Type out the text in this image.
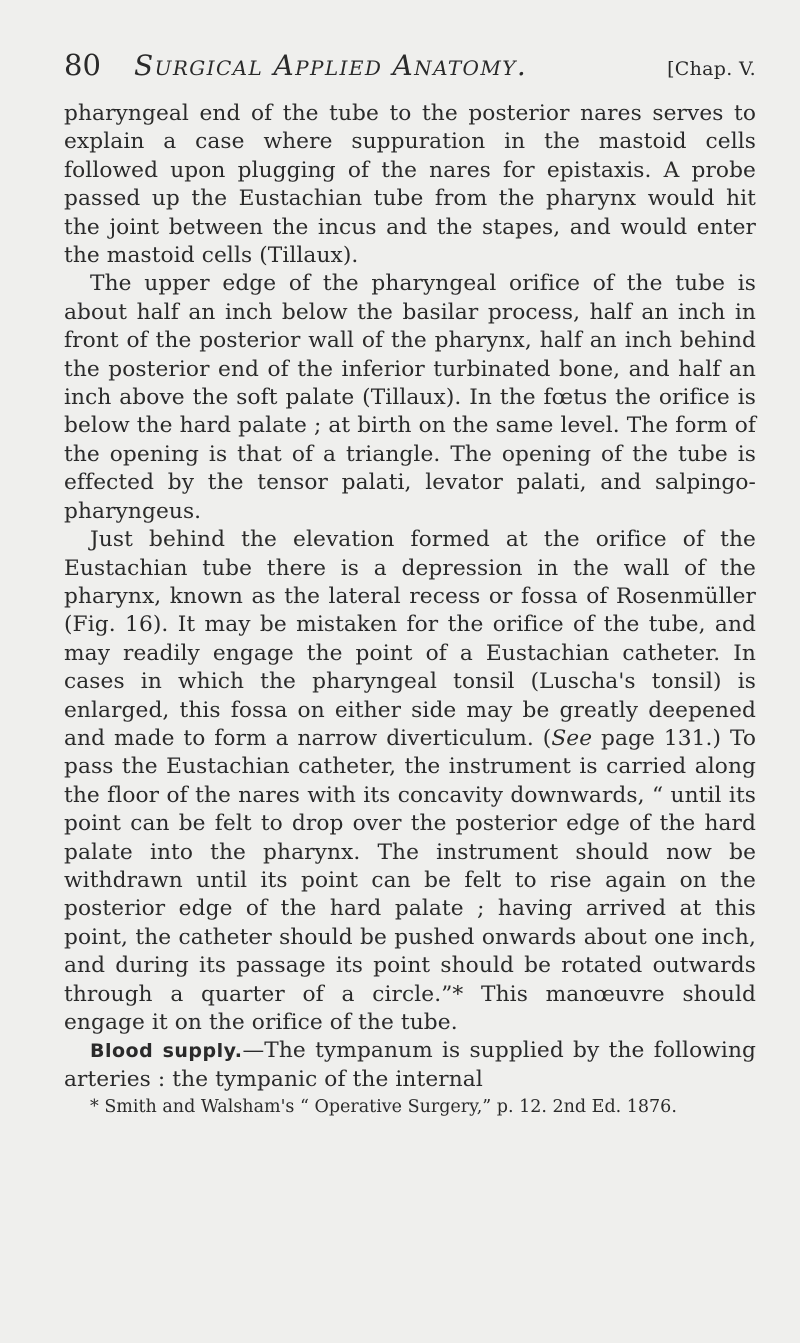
80	Surgical Applied Anatomy.	[Chap. V.

pharyngeal end of the tube to the posterior nares serves to explain a case where suppuration in the mastoid cells followed upon plugging of the nares for epistaxis. A probe passed up the Eustachian tube from the pharynx would hit the joint between the incus and the stapes, and would enter the mastoid cells (Tillaux).

The upper edge of the pharyngeal orifice of the tube is about half an inch below the basilar process, half an inch in front of the posterior wall of the pharynx, half an inch behind the posterior end of the inferior turbinated bone, and half an inch above the soft palate (Tillaux). In the fœtus the orifice is below the hard palate ; at birth on the same level. The form of the opening is that of a triangle. The opening of the tube is effected by the tensor palati, levator palati, and salpingo-pharyngeus.

Just behind the elevation formed at the orifice of the Eustachian tube there is a depression in the wall of the pharynx, known as the lateral recess or fossa of Rosenmüller (Fig. 16). It may be mistaken for the orifice of the tube, and may readily engage the point of a Eustachian catheter. In cases in which the pharyngeal tonsil (Luscha's tonsil) is enlarged, this fossa on either side may be greatly deepened and made to form a narrow diverticulum. (See page 131.) To pass the Eustachian catheter, the instrument is carried along the floor of the nares with its concavity downwards, “ until its point can be felt to drop over the posterior edge of the hard palate into the pharynx. The instrument should now be withdrawn until its point can be felt to rise again on the posterior edge of the hard palate ; having arrived at this point, the catheter should be pushed onwards about one inch, and during its passage its point should be rotated outwards through a quarter of a circle.”* This manœuvre should engage it on the orifice of the tube.

Blood supply.—The tympanum is supplied by the following arteries : the tympanic of the internal

* Smith and Walsham's “ Operative Surgery,” p. 12. 2nd Ed. 1876.
